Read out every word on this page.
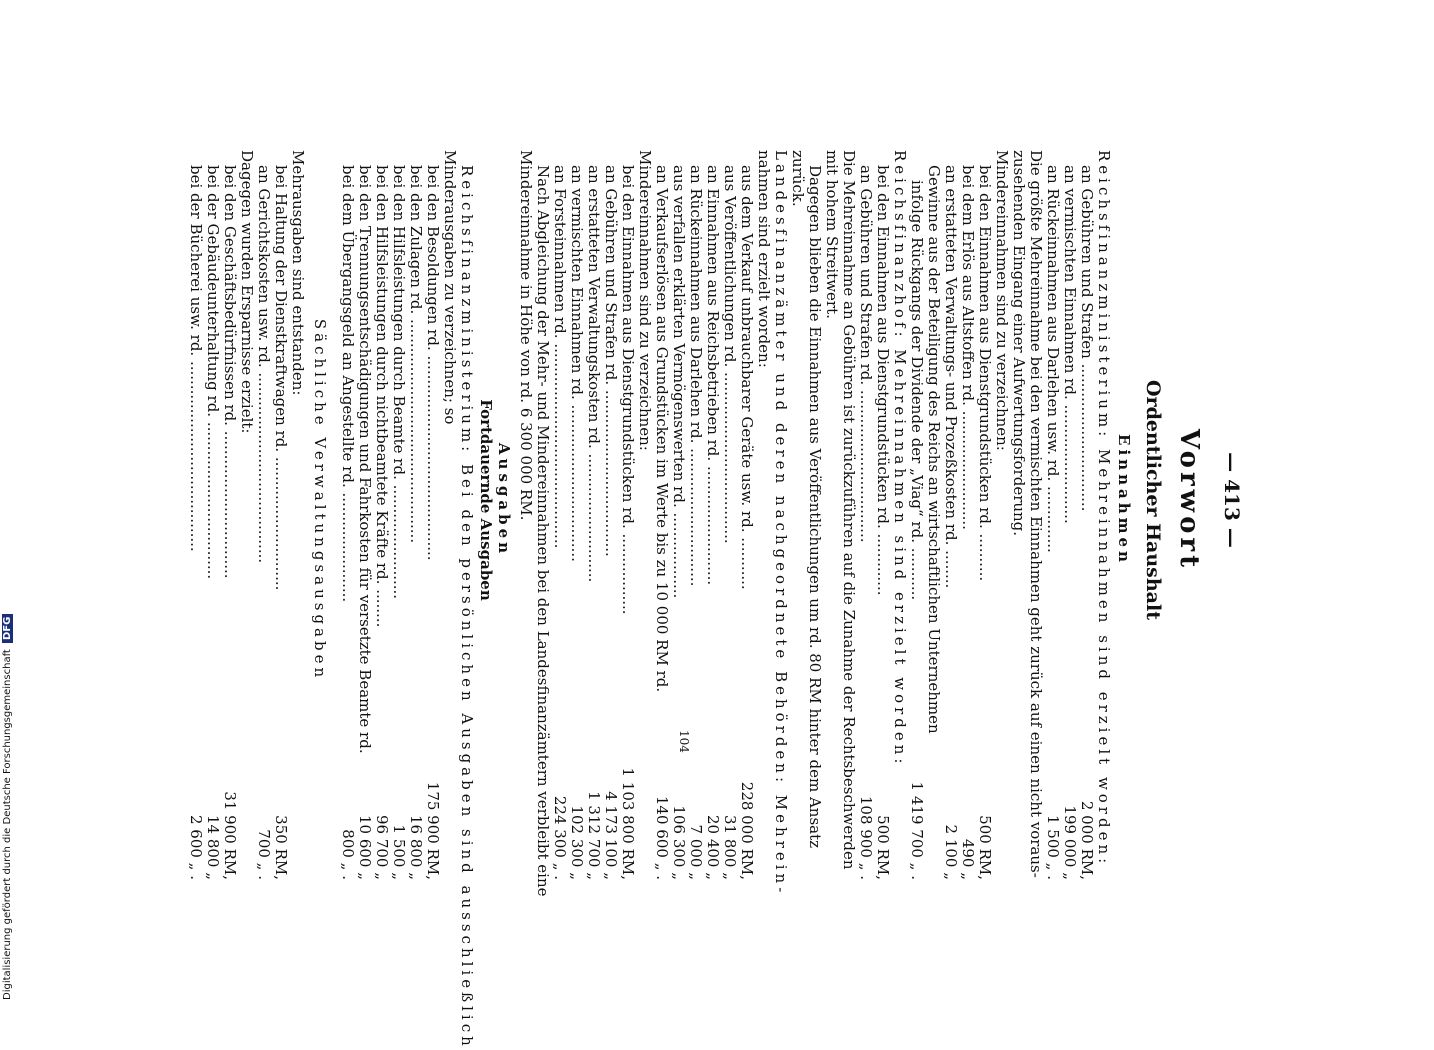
— 413 —
Vorwort
Ordentlicher Haushalt
Einnahmen
Reichsfinanzministerium: Mehreinnahmen sind erzielt worden:
an Gebühren und Strafen ...............................
2 000 RM,
an vermischten Einnahmen rd. .........................
199 000 „
an Rückeinnahmen aus Darlehen usw. rd. ..............
1 500 „ .
Die größte Mehreinnahme bei den vermischten Einnahmen geht zurück auf einen nicht voraus-
zusehenden Eingang einer Aufwertungsforderung.
Mindereinnahmen sind zu verzeichnen:
bei den Einnahmen aus Dienstgrundstücken rd. ..........
500 RM,
bei dem Erlös aus Altstoffen rd. .........................
490 „
an erstatteten Verwaltungs- und Prozeßkosten rd. ........
2 100 „
Gewinne aus der Beteiligung des Reichs an wirtschaftlichen Unternehmen
infolge Rückgangs der Dividende der „Viag“ rd. ...........
1 419 700 „ .
Reichsfinanzhof: Mehreinnahmen sind erzielt worden:
bei den Einnahmen aus Dienstgrundstücken rd. .............
500 RM,
an Gebühren und Strafen rd. ................................
108 900 „ .
Die Mehreinnahme an Gebühren ist zurückzuführen auf die Zunahme der Rechtsbeschwerden
mit hohem Streitwert.
Dagegen blieben die Einnahmen aus Veröffentlichungen um rd. 80 RM hinter dem Ansatz
zurück.
Landesfinanzämter und deren nachgeordnete Behörden: Mehrein-
nahmen sind erzielt worden:
aus dem Verkauf unbrauchbarer Geräte usw. rd. ...........
228 000 RM,
aus Veröffentlichungen rd. ....................................
31 800 „
an Einnahmen aus Reichsbetrieben rd. .........................
20 400 „
an Rückeinnahmen aus Darlehen rd. .............................
7 000 „
aus verfallen erklärten Vermögenswerten rd. ..................
106 300 „
an Verkaufserlösen aus Grundstücken im Werte bis zu 10 000 RM rd.
140 600 „ .
Mindereinnahmen sind zu verzeichnen:
bei den Einnahmen aus Dienstgrundstücken rd. .................
1 103 800 RM,
an Gebühren und Strafen rd. ...................................
4 173 100 „
an erstatteten Verwaltungskosten rd. ...........................
1 312 700 „
an vermischten Einnahmen rd. .................................
102 300 „
an Forsteinnahmen rd. ...........................................
224 300 „ .
Nach Abgleichung der Mehr- und Mindereinnahmen bei den Landesfinanzämtern verbleibt eine
Mindereinnahme in Höhe von rd. 6 300 000 RM.
Ausgaben
Fortdauernde Ausgaben
Reichsfinanzministerium: Bei den persönlichen Ausgaben sind ausschließlich
Minderausgaben zu verzeichnen; so
bei den Besoldungen rd. ...........................................
175 900 RM,
bei den Zulagen rd. ...............................................
16 800 „
bei den Hilfsleistungen durch Beamte rd. ........................
1 500 „
bei den Hilfsleistungen durch nichtbeamtete Kräfte rd. ........
96 700 „
bei den Trennungsentschädigungen und Fahrkosten für versetzte Beamte rd.
10 600 „
bei dem Übergangsgeld an Angestellte rd. .......................
800 „ .
Sächliche Verwaltungsausgaben
Mehrausgaben sind entstanden:
bei Haltung der Dienstkraftwagen rd. ............................
350 RM,
an Gerichtskosten usw. rd. ........................................
700 „ .
Dagegen wurden Ersparnisse erzielt:
bei den Geschäftsbedürfnissen rd. ...............................
31 900 RM,
bei der Gebäudeunterhaltung rd. .................................
14 800 „
bei der Bücherei usw. rd. ........................................
2 600 „ .
104
Digitalisierung gefördert durch die Deutsche Forschungsgemeinschaft DFG
